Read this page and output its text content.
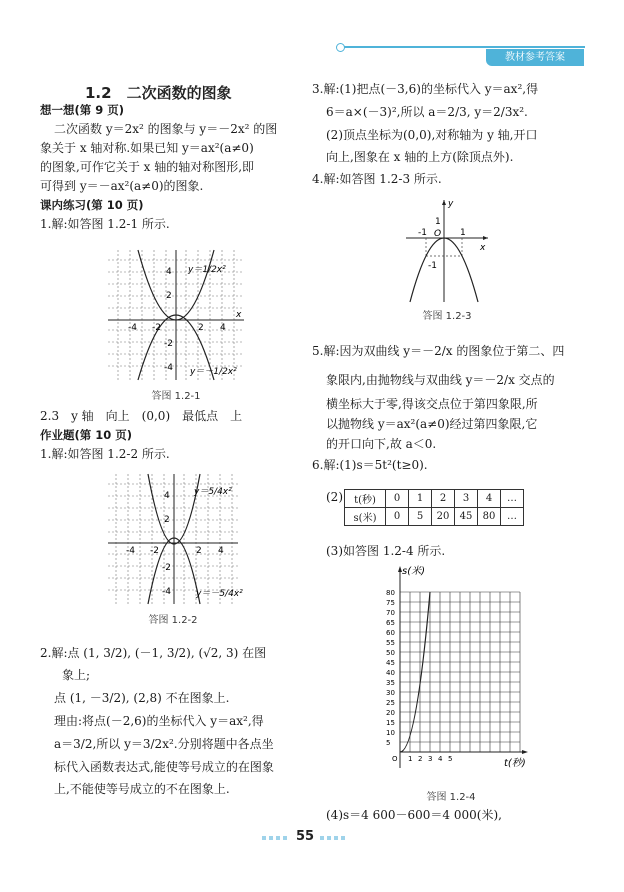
教材参考答案
1.2　二次函数的图象

想一想(第 9 页)

二次函数 y＝2x² 的图象与 y＝－2x² 的图

象关于 x 轴对称.如果已知 y＝ax²(a≠0)

的图象,可作它关于 x 轴的轴对称图形,即

可得到 y＝－ax²(a≠0)的图象.

课内练习(第 10 页)

1.解:如答图 1.2-1 所示.

y＝1/2x²
y＝－1/2x²
4
2
-2
-4
-4 -2	2 4
x
答图 1.2-1

2.3　y 轴　向上　(0,0)　最低点　上

作业题(第 10 页)

1.解:如答图 1.2-2 所示.

y＝5/4x²
y＝－5/4x²
4
2
-2
-4
-4 -2	2 4
答图 1.2-2

2.解:点 (1, 3/2), (－1, 3/2), (√2, 3) 在图

象上;

点 (1, －3/2), (2,8) 不在图象上.

理由:将点(－2,6)的坐标代入 y＝ax²,得

a＝3/2,所以 y＝3/2x².分别将题中各点坐

标代入函数表达式,能使等号成立的在图象

上,不能使等号成立的不在图象上.

3.解:(1)把点(－3,6)的坐标代入 y＝ax²,得

6＝a×(－3)²,所以 a＝2/3, y＝2/3x².

(2)顶点坐标为(0,0),对称轴为 y 轴,开口

向上,图象在 x 轴的上方(除顶点外).

4.解:如答图 1.2-3 所示.

y
x
O
1
-1	1
-1
答图 1.2-3

5.解:因为双曲线 y＝－2/x 的图象位于第二、四

象限内,由抛物线与双曲线 y＝－2/x 交点的

横坐标大于零,得该交点位于第四象限,所

以抛物线 y＝ax²(a≠0)经过第四象限,它

的开口向下,故 a＜0.

6.解:(1)s＝5t²(t≥0).

(2) t(秒)	0	1	2	3	4	…
s(米)	0	5	20	45	80	…
(3)如答图 1.2-4 所示.
s(米)
t(秒)
80
75
70
65
60
55
50
45
40
35
30
25
20
15
10
5
O 1 2 3 4 5
答图 1.2-4
(4)s＝4 600－600＝4 000(米),
55
